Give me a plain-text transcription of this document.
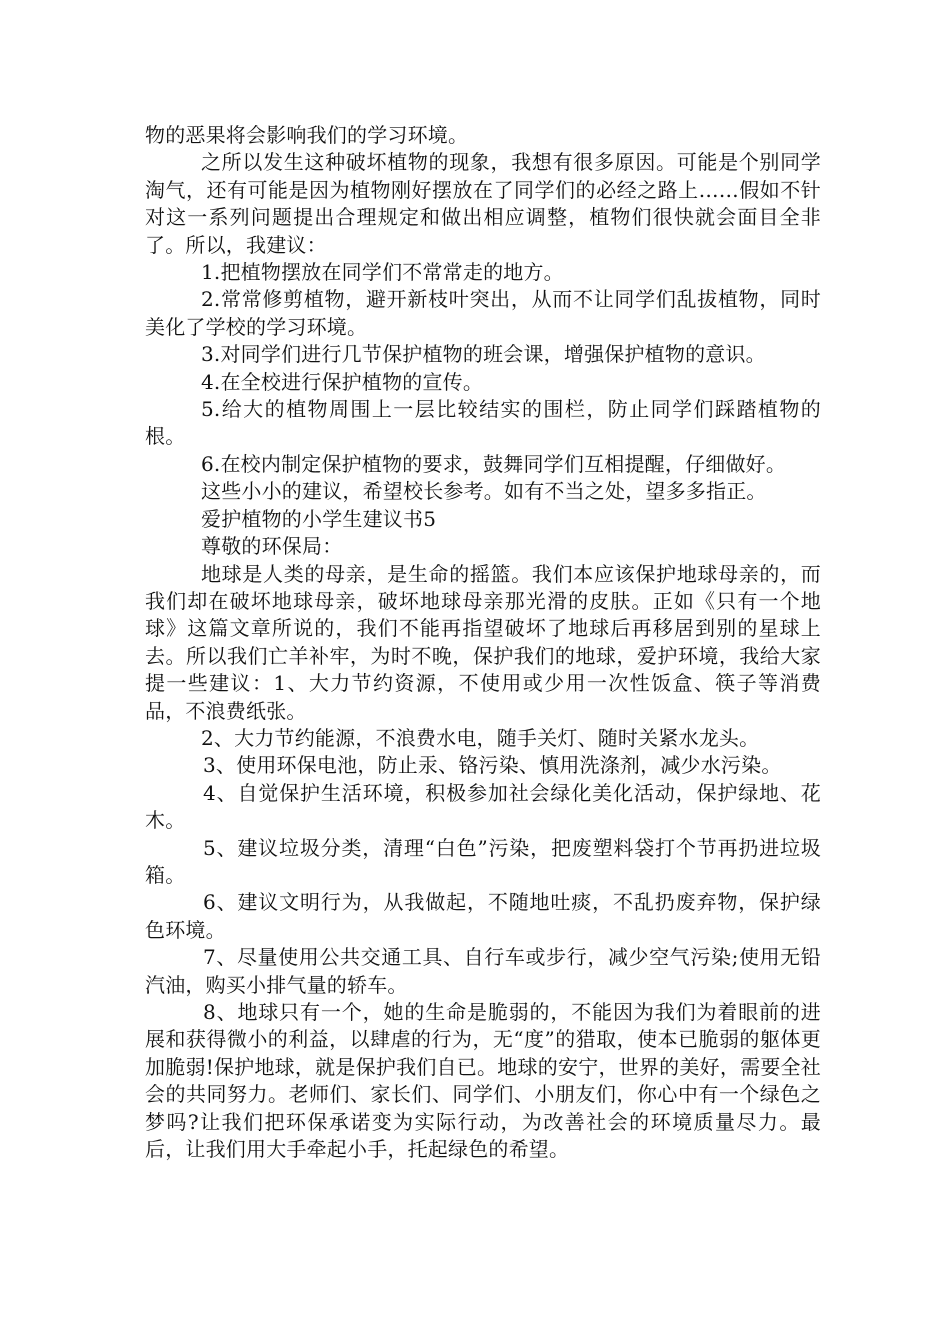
物的恶果将会影响我们的学习环境。

之所以发生这种破坏植物的现象，我想有很多原因。可能是个别同学淘气，还有可能是因为植物刚好摆放在了同学们的必经之路上……假如不针对这一系列问题提出合理规定和做出相应调整，植物们很快就会面目全非了。所以，我建议：

1.把植物摆放在同学们不常常走的地方。

2.常常修剪植物，避开新枝叶突出，从而不让同学们乱拔植物，同时美化了学校的学习环境。

3.对同学们进行几节保护植物的班会课，增强保护植物的意识。

4.在全校进行保护植物的宣传。

5.给大的植物周围上一层比较结实的围栏，防止同学们踩踏植物的根。

6.在校内制定保护植物的要求，鼓舞同学们互相提醒，仔细做好。

这些小小的建议，希望校长参考。如有不当之处，望多多指正。

爱护植物的小学生建议书5

尊敬的环保局：

地球是人类的母亲，是生命的摇篮。我们本应该保护地球母亲的，而我们却在破坏地球母亲，破坏地球母亲那光滑的皮肤。正如《只有一个地球》这篇文章所说的，我们不能再指望破坏了地球后再移居到别的星球上去。所以我们亡羊补牢，为时不晚，保护我们的地球，爱护环境，我给大家提一些建议：1、大力节约资源，不使用或少用一次性饭盒、筷子等消费品，不浪费纸张。

2、大力节约能源，不浪费水电，随手关灯、随时关紧水龙头。

3、使用环保电池，防止汞、铬污染、慎用洗涤剂，减少水污染。

4、自觉保护生活环境，积极参加社会绿化美化活动，保护绿地、花木。

5、建议垃圾分类，清理“白色”污染，把废塑料袋打个节再扔进垃圾箱。

6、建议文明行为，从我做起，不随地吐痰，不乱扔废弃物，保护绿色环境。

7、尽量使用公共交通工具、自行车或步行，减少空气污染;使用无铅汽油，购买小排气量的轿车。

8、地球只有一个，她的生命是脆弱的，不能因为我们为着眼前的进展和获得微小的利益，以肆虐的行为，无“度”的猎取，使本已脆弱的躯体更加脆弱!保护地球，就是保护我们自已。地球的安宁，世界的美好，需要全社会的共同努力。老师们、家长们、同学们、小朋友们，你心中有一个绿色之梦吗?让我们把环保承诺变为实际行动，为改善社会的环境质量尽力。最后，让我们用大手牵起小手，托起绿色的希望。
